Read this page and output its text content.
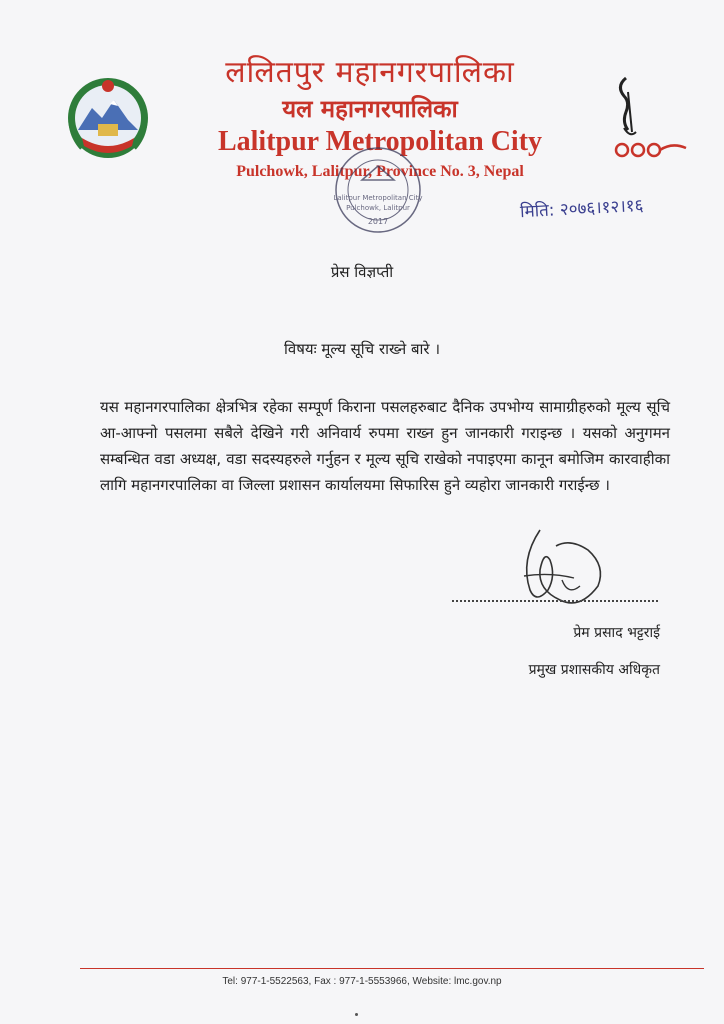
ललितपुर महानगरपालिका
यल महानगरपालिका
Lalitpur Metropolitan City
Pulchowk, Lalitpur, Province No. 3, Nepal
Lalitpur Metropolitan City
Pulchowk, Lalitpur
2017	मिति: २०७६।१२।१६
प्रेस विज्ञप्ती
विषयः मूल्य सूचि राख्ने बारे ।

यस महानगरपालिका क्षेत्रभित्र रहेका सम्पूर्ण किराना पसलहरुबाट दैनिक उपभोग्य सामाग्रीहरुको मूल्य सूचि आ-आफ्नो पसलमा सबैले देखिने गरी अनिवार्य रुपमा राख्न हुन जानकारी गराइन्छ । यसको अनुगमन सम्बन्धित वडा अध्यक्ष, वडा सदस्यहरुले गर्नुहन र मूल्य सूचि राखेको नपाइएमा कानून बमोजिम कारवाहीका लागि महानगरपालिका वा जिल्ला प्रशासन कार्यालयमा सिफारिस हुने व्यहोरा जानकारी गराईन्छ ।

प्रेम प्रसाद भट्टराई
प्रमुख प्रशासकीय अधिकृत
Tel: 977-1-5522563, Fax : 977-1-5553966, Website: lmc.gov.np
